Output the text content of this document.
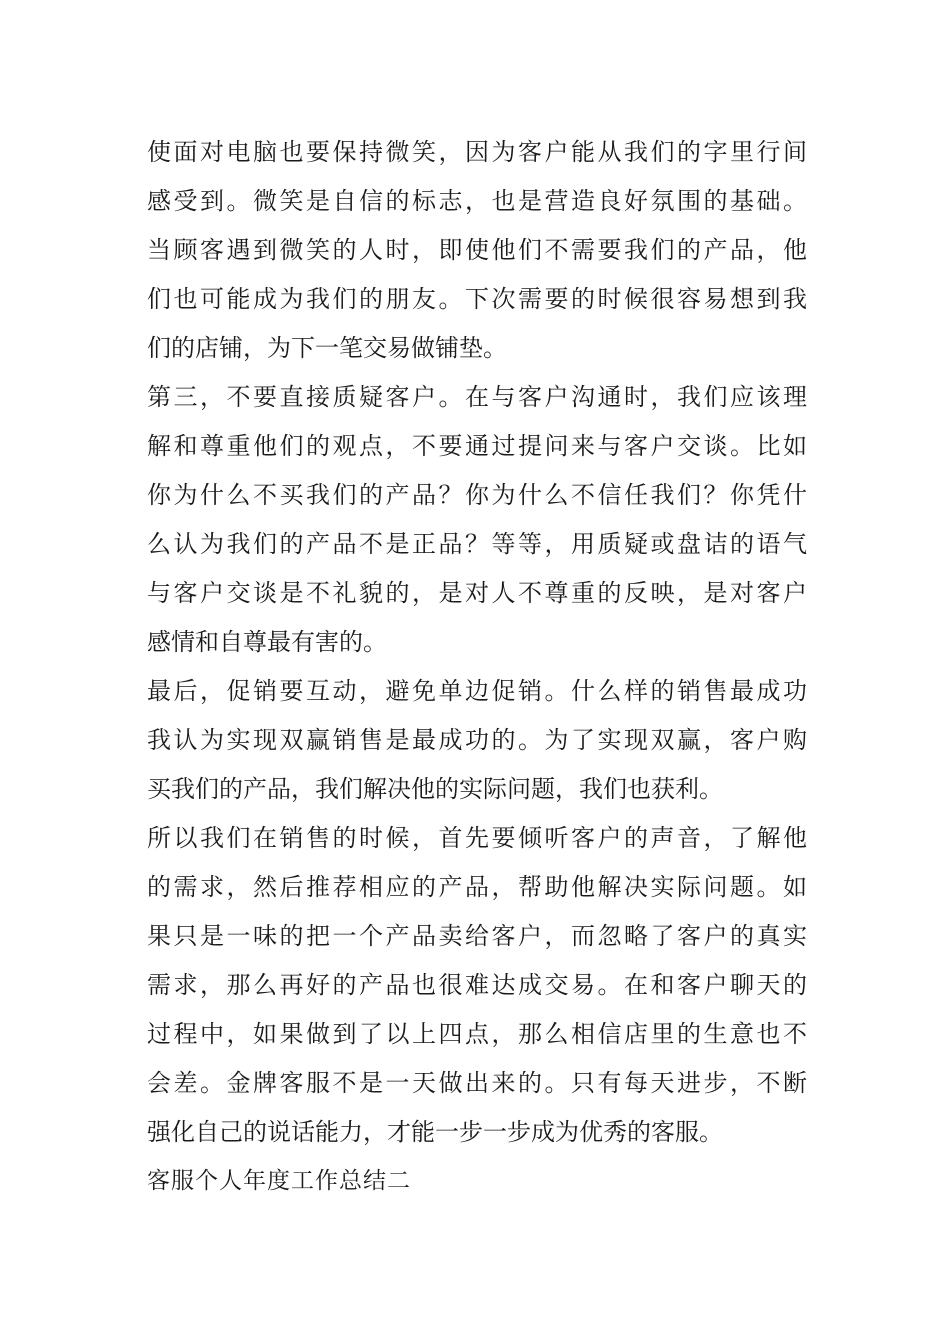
使面对电脑也要保持微笑，因为客户能从我们的字里行间
感受到。微笑是自信的标志，也是营造良好氛围的基础。
当顾客遇到微笑的人时，即使他们不需要我们的产品，他
们也可能成为我们的朋友。下次需要的时候很容易想到我
们的店铺，为下一笔交易做铺垫。
第三，不要直接质疑客户。在与客户沟通时，我们应该理
解和尊重他们的观点，不要通过提问来与客户交谈。比如
你为什么不买我们的产品？你为什么不信任我们？你凭什
么认为我们的产品不是正品？等等，用质疑或盘诘的语气
与客户交谈是不礼貌的，是对人不尊重的反映，是对客户
感情和自尊最有害的。
最后，促销要互动，避免单边促销。什么样的销售最成功
我认为实现双赢销售是最成功的。为了实现双赢，客户购
买我们的产品，我们解决他的实际问题，我们也获利。
所以我们在销售的时候，首先要倾听客户的声音，了解他
的需求，然后推荐相应的产品，帮助他解决实际问题。如
果只是一味的把一个产品卖给客户，而忽略了客户的真实
需求，那么再好的产品也很难达成交易。在和客户聊天的
过程中，如果做到了以上四点，那么相信店里的生意也不
会差。金牌客服不是一天做出来的。只有每天进步，不断
强化自己的说话能力，才能一步一步成为优秀的客服。
客服个人年度工作总结二
